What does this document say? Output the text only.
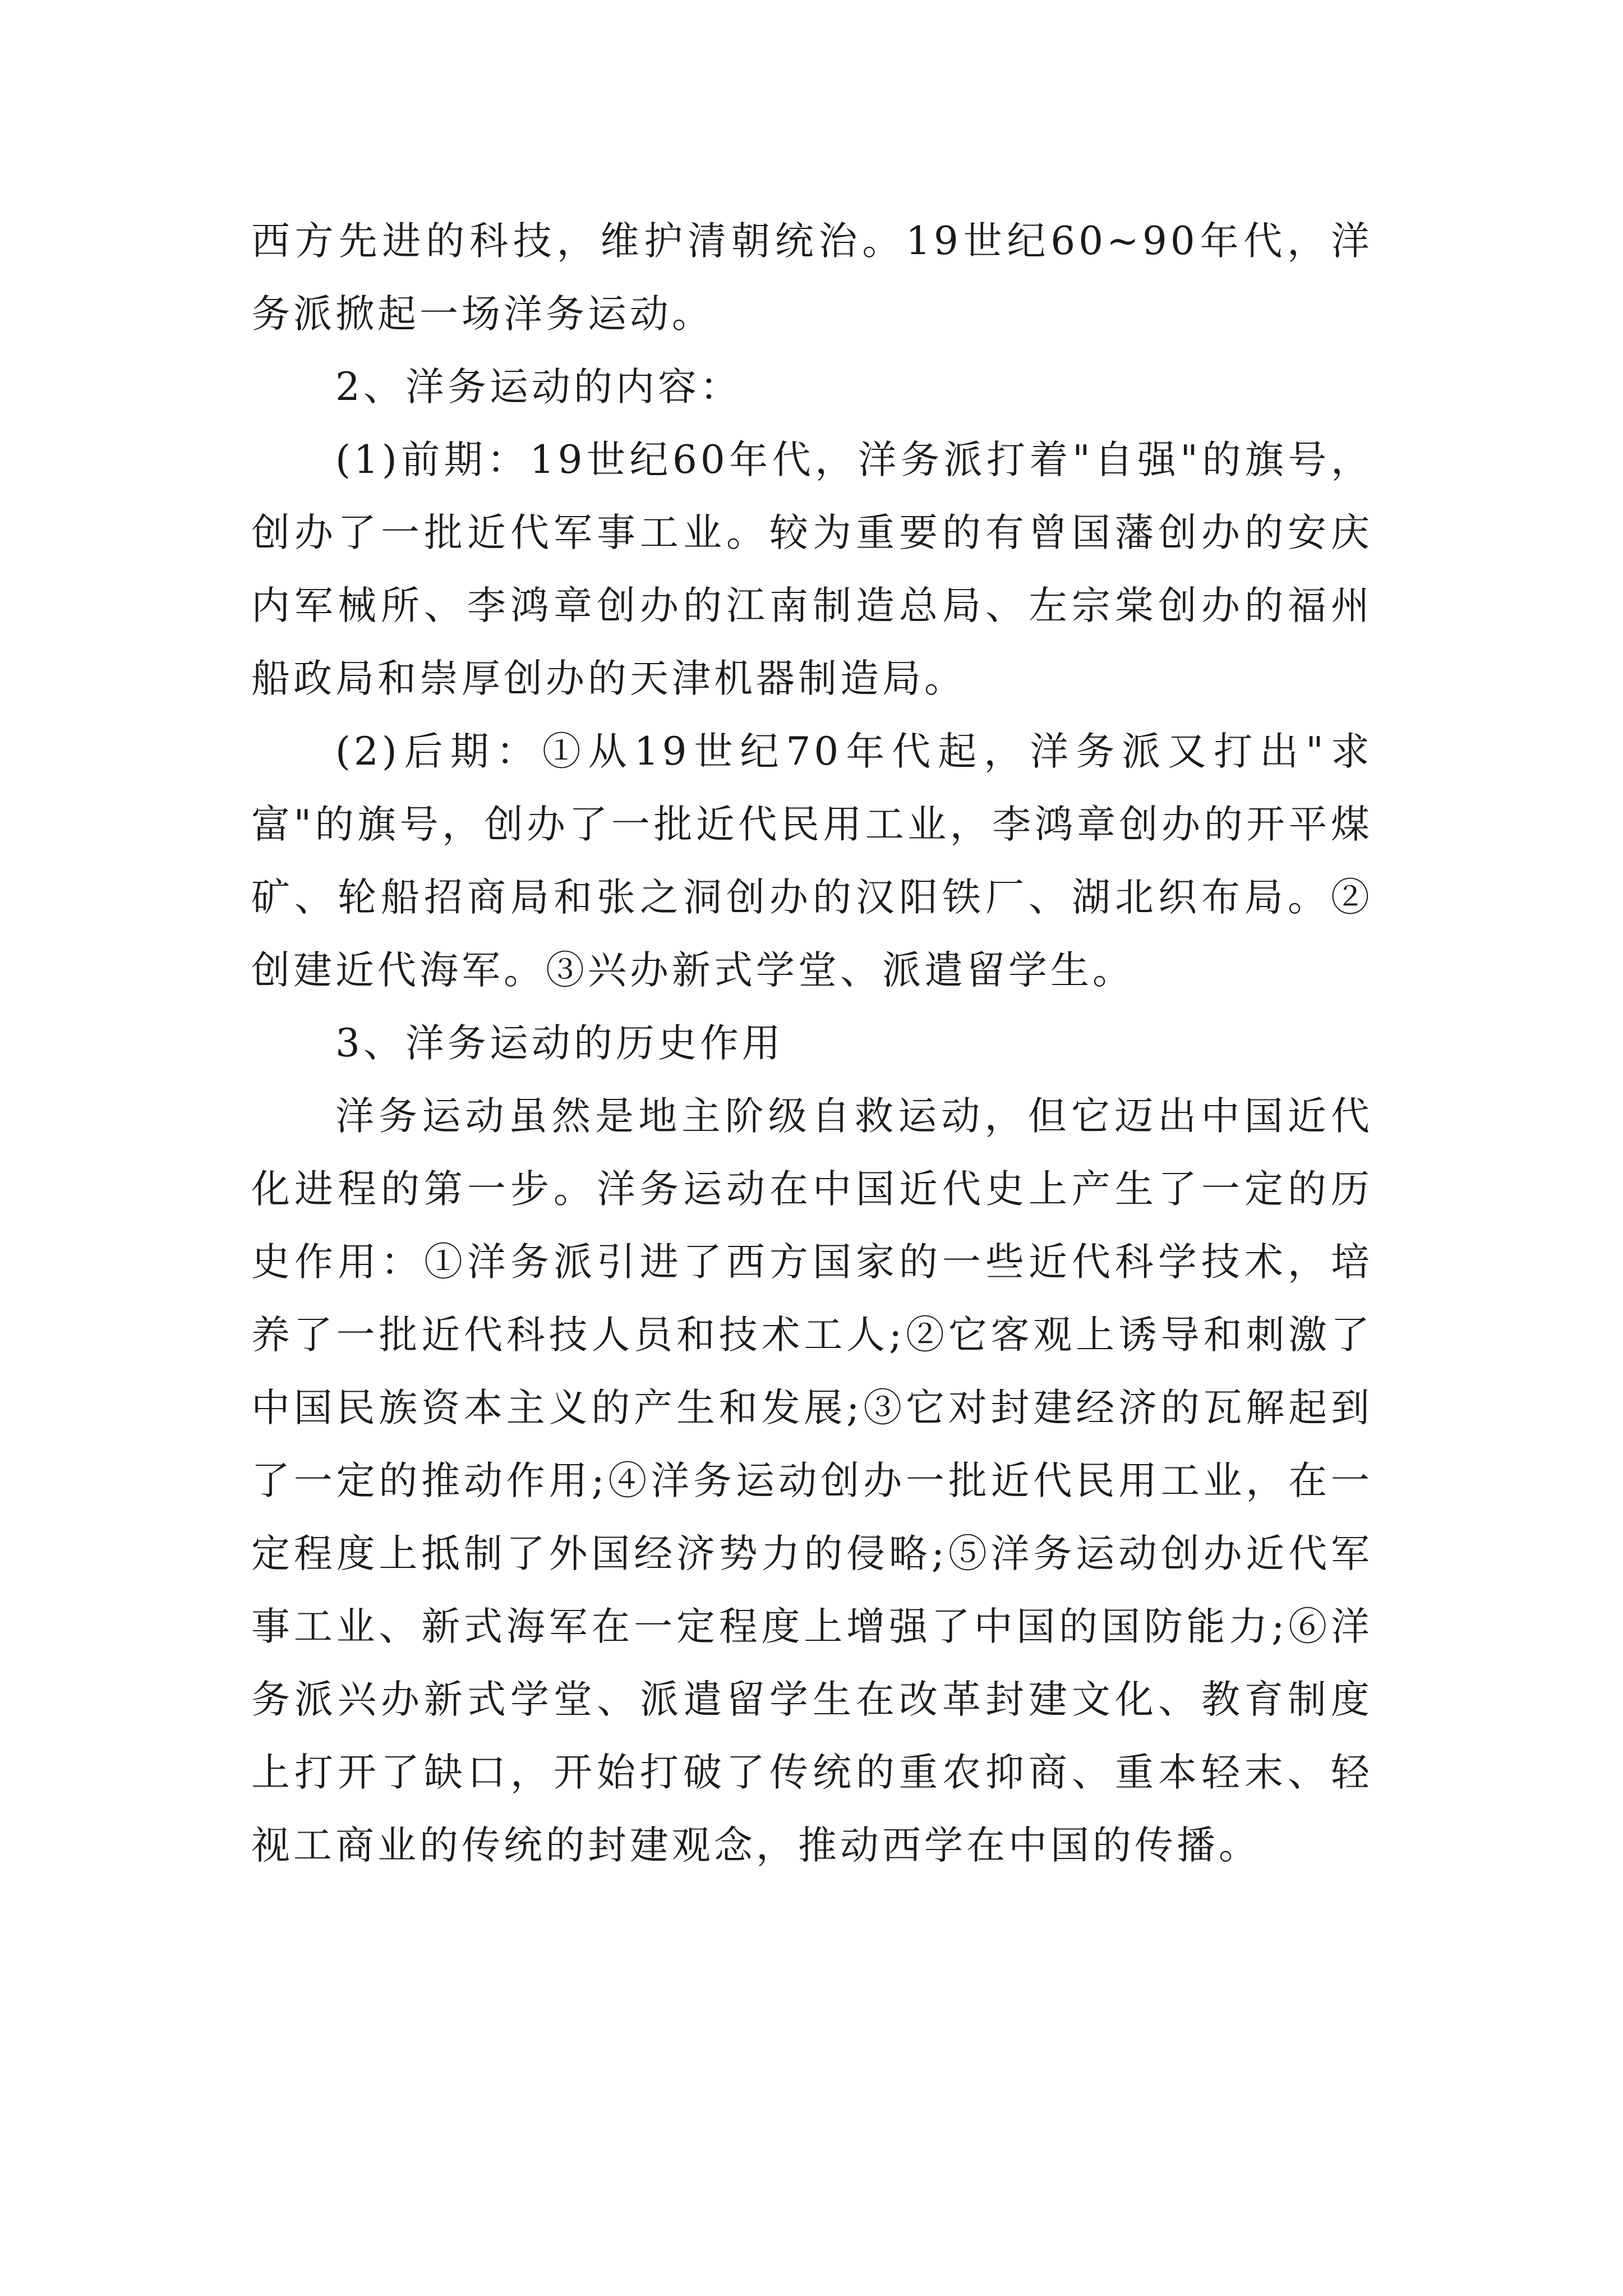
西方先进的科技，维护清朝统治。19世纪60~90年代，洋务派掀起一场洋务运动。

2、洋务运动的内容：

(1)前期：19世纪60年代，洋务派打着"自强"的旗号，创办了一批近代军事工业。较为重要的有曾国藩创办的安庆内军械所、李鸿章创办的江南制造总局、左宗棠创办的福州船政局和崇厚创办的天津机器制造局。

(2)后期：①从19世纪70年代起，洋务派又打出"求富"的旗号，创办了一批近代民用工业，李鸿章创办的开平煤矿、轮船招商局和张之洞创办的汉阳铁厂、湖北织布局。②创建近代海军。③兴办新式学堂、派遣留学生。

3、洋务运动的历史作用

洋务运动虽然是地主阶级自救运动，但它迈出中国近代化进程的第一步。洋务运动在中国近代史上产生了一定的历史作用：①洋务派引进了西方国家的一些近代科学技术，培养了一批近代科技人员和技术工人;②它客观上诱导和刺激了中国民族资本主义的产生和发展;③它对封建经济的瓦解起到了一定的推动作用;④洋务运动创办一批近代民用工业，在一定程度上抵制了外国经济势力的侵略;⑤洋务运动创办近代军事工业、新式海军在一定程度上增强了中国的国防能力;⑥洋务派兴办新式学堂、派遣留学生在改革封建文化、教育制度上打开了缺口，开始打破了传统的重农抑商、重本轻末、轻视工商业的传统的封建观念，推动西学在中国的传播。
